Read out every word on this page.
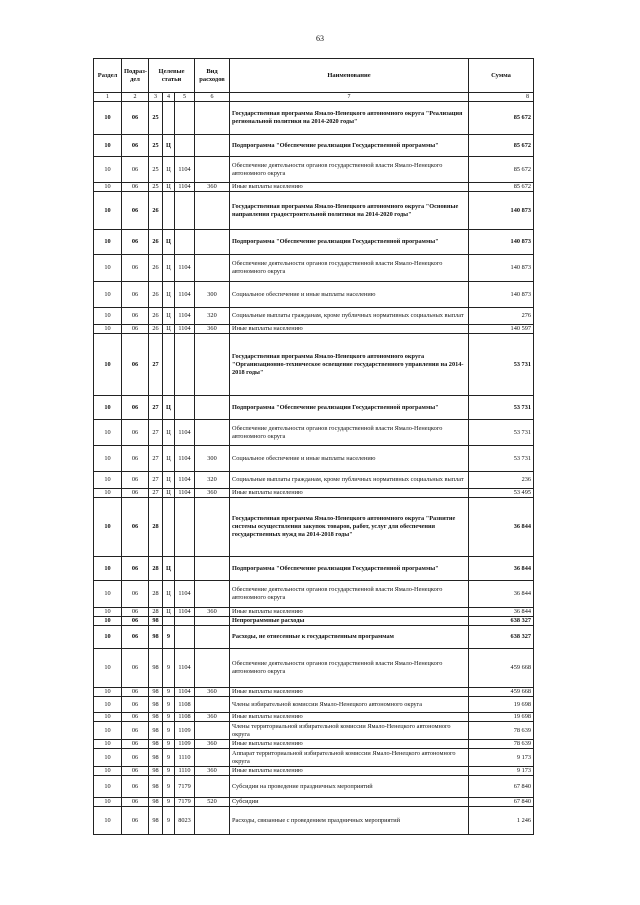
63
Раздел	Подраз-дел	Целевые статьи			Вид расходов	Наименование	Сумма
1	2	3	4	5	6	7	8
10	06	25				Государственная программа Ямало-Ненецкого автономного округа "Реализация региональной политики на 2014-2020 годы"	85 672
10	06	25	Ц			Подпрограмма "Обеспечение реализации Государственной программы"	85 672
10	06	25	Ц	1104		Обеспечение деятельности органов государственной власти Ямало-Ненецкого автономного округа	85 672
10	06	25	Ц	1104	360	Иные выплаты населению	85 672
10	06	26				Государственная программа Ямало-Ненецкого автономного округа "Основные направления градостроительной политики на 2014-2020 годы"	140 873
10	06	26	Ц			Подпрограмма "Обеспечение реализации Государственной программы"	140 873
10	06	26	Ц	1104		Обеспечение деятельности органов государственной власти Ямало-Ненецкого автономного округа	140 873
10	06	26	Ц	1104	300	Социальное обеспечение и иные выплаты населению	140 873
10	06	26	Ц	1104	320	Социальные выплаты гражданам, кроме публичных нормативных социальных выплат	276
10	06	26	Ц	1104	360	Иные выплаты населению	140 597
10	06	27				Государственная программа Ямало-Ненецкого автономного округа "Организационно-техническое освещение государственного управления на 2014-2018 годы"	53 731
10	06	27	Ц			Подпрограмма "Обеспечение реализации Государственной программы"	53 731
10	06	27	Ц	1104		Обеспечение деятельности органов государственной власти Ямало-Ненецкого автономного округа	53 731
10	06	27	Ц	1104	300	Социальное обеспечение и иные выплаты населению	53 731
10	06	27	Ц	1104	320	Социальные выплаты гражданам, кроме публичных нормативных социальных выплат	236
10	06	27	Ц	1104	360	Иные выплаты населению	53 495
10	06	28				Государственная программа Ямало-Ненецкого автономного округа "Развитие системы осуществления закупок товаров, работ, услуг для обеспечения государственных нужд на 2014-2018 годы"	36 844
10	06	28	Ц			Подпрограмма "Обеспечение реализации Государственной программы"	36 844
10	06	28	Ц	1104		Обеспечение деятельности органов государственной власти Ямало-Ненецкого автономного округа	36 844
10	06	28	Ц	1104	360	Иные выплаты населению	36 844
10	06	98				Непрограммные расходы	638 327
10	06	98	9			Расходы, не отнесенные к государственным программам	638 327
10	06	98	9	1104		Обеспечение деятельности органов государственной власти Ямало-Ненецкого автономного округа	459 668
10	06	98	9	1104	360	Иные выплаты населению	459 668
10	06	98	9	1108		Члены избирательной комиссии Ямало-Ненецкого автономного округа	19 698
10	06	98	9	1108	360	Иные выплаты населению	19 698
10	06	98	9	1109		Члены территориальной избирательной комиссии Ямало-Ненецкого автономного округа	78 639
10	06	98	9	1109	360	Иные выплаты населению	78 639
10	06	98	9	1110		Аппарат территориальной избирательной комиссии Ямало-Ненецкого автономного округа	9 173
10	06	98	9	1110	360	Иные выплаты населению	9 173
10	06	98	9	7179		Субсидии на проведение праздничных мероприятий	67 840
10	06	98	9	7179	520	Субсидии	67 840
10	06	98	9	8023		Расходы, связанные с проведением праздничных мероприятий	1 246
